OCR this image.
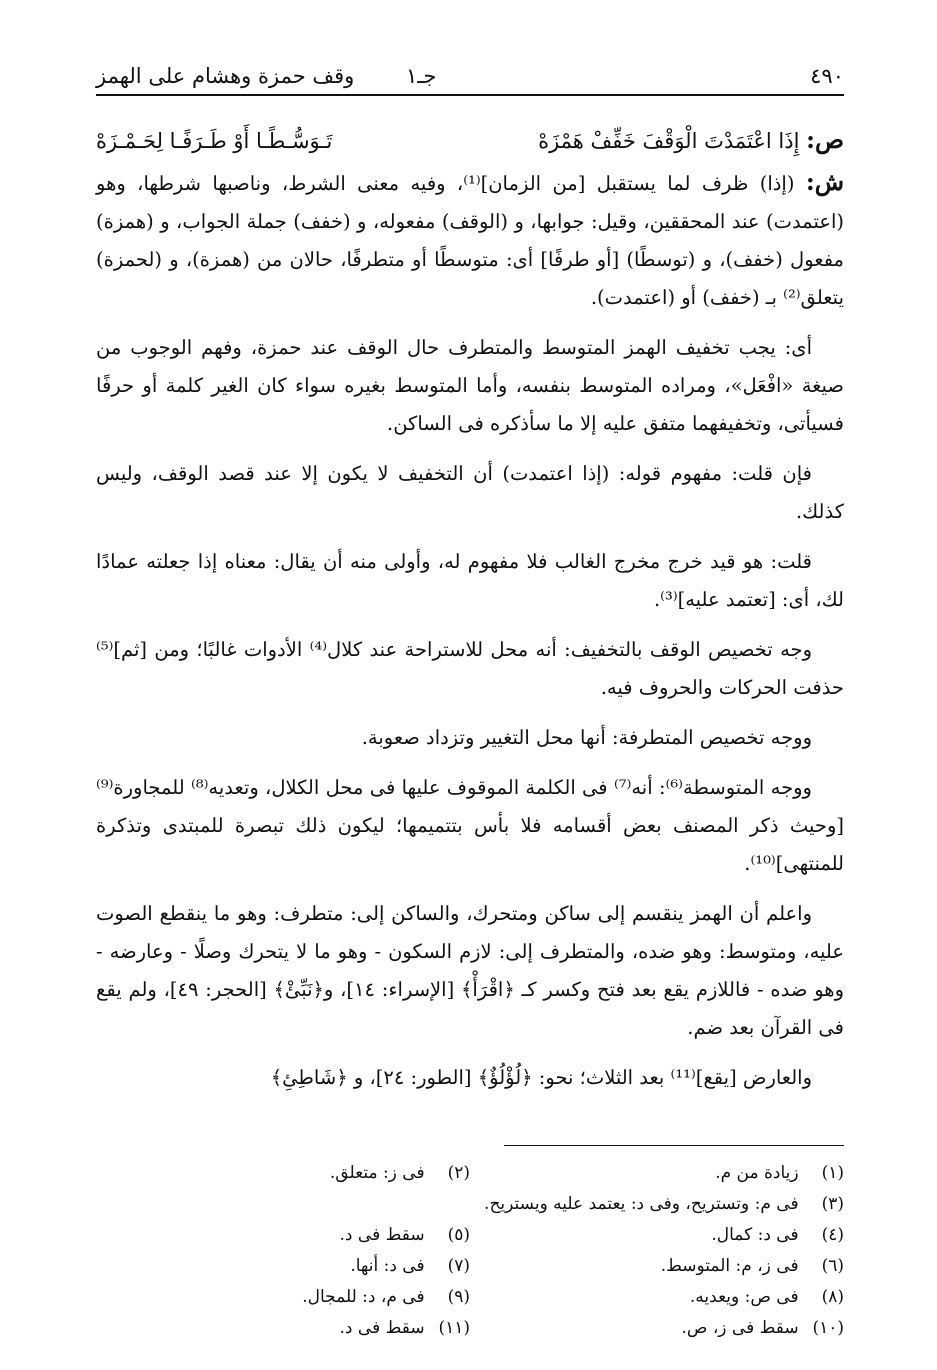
٤٩٠
جـ١
وقف حمزة وهشام على الهمز
ص: إِذَا اعْتَمَدْتَ الْوَقْفَ خَفِّفْ هَمْزَهْ
تَـوَسُّـطًـا أَوْ طَـرَفًـا لِحَـمْـزَهْ

ش: (إذا) ظرف لما يستقبل [من الزمان]⁽¹⁾، وفيه معنى الشرط، وناصبها شرطها، وهو (اعتمدت) عند المحققين، وقيل: جوابها، و (الوقف) مفعوله، و (خفف) جملة الجواب، و (همزة) مفعول (خفف)، و (توسطًا) [أو طرفًا] أى: متوسطًا أو متطرفًا، حالان من (همزة)، و (لحمزة) يتعلق⁽²⁾ بـ (خفف) أو (اعتمدت).

أى: يجب تخفيف الهمز المتوسط والمتطرف حال الوقف عند حمزة، وفهم الوجوب من صيغة «افْعَل»، ومراده المتوسط بنفسه، وأما المتوسط بغيره سواء كان الغير كلمة أو حرفًا فسيأتى، وتخفيفهما متفق عليه إلا ما سأذكره فى الساكن.

فإن قلت: مفهوم قوله: (إذا اعتمدت) أن التخفيف لا يكون إلا عند قصد الوقف، وليس كذلك.

قلت: هو قيد خرج مخرج الغالب فلا مفهوم له، وأولى منه أن يقال: معناه إذا جعلته عمادًا لك، أى: [تعتمد عليه]⁽³⁾.

وجه تخصيص الوقف بالتخفيف: أنه محل للاستراحة عند كلال⁽⁴⁾ الأدوات غالبًا؛ ومن [ثم]⁽⁵⁾ حذفت الحركات والحروف فيه.

ووجه تخصيص المتطرفة: أنها محل التغيير وتزداد صعوبة.

ووجه المتوسطة⁽⁶⁾: أنه⁽⁷⁾ فى الكلمة الموقوف عليها فى محل الكلال، وتعديه⁽⁸⁾ للمجاورة⁽⁹⁾ [وحيث ذكر المصنف بعض أقسامه فلا بأس بتتميمها؛ ليكون ذلك تبصرة للمبتدى وتذكرة للمنتهى]⁽¹⁰⁾.

واعلم أن الهمز ينقسم إلى ساكن ومتحرك، والساكن إلى: متطرف: وهو ما ينقطع الصوت عليه، ومتوسط: وهو ضده، والمتطرف إلى: لازم السكون - وهو ما لا يتحرك وصلًا - وعارضه - وهو ضده - فاللازم يقع بعد فتح وكسر كـ ﴿اقْرَأْ﴾ [الإسراء: ١٤]، و﴿نَبِّئْ﴾ [الحجر: ٤٩]، ولم يقع فى القرآن بعد ضم.

والعارض [يقع]⁽¹¹⁾ بعد الثلاث؛ نحو: ﴿لُؤْلُؤٌ﴾ [الطور: ٢٤]، و ﴿شَاطِئِ﴾

(١) زيادة من م.
(٢) فى ز: متعلق.
(٣) فى م: وتستريح، وفى د: يعتمد عليه ويستريح.
(٤) فى د: كمال.
(٥) سقط فى د.
(٦) فى ز، م: المتوسط.
(٧) فى د: أنها.
(٨) فى ص: ويعديه.
(٩) فى م، د: للمجال.
(١٠) سقط فى ز، ص.
(١١) سقط فى د.
